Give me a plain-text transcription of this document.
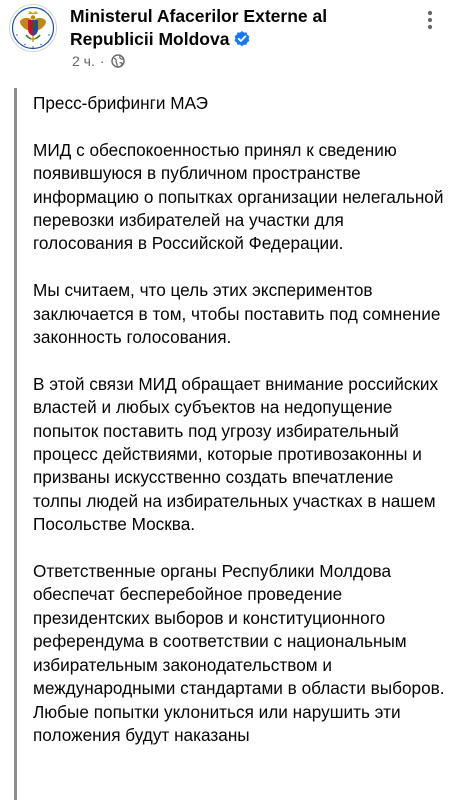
Ministerul Afacerilor Externe al Republicii Moldova
2 ч. ·

Пресс-брифинги МАЭ

МИД с обеспокоенностью принял к сведению появившуюся в публичном пространстве информацию о попытках организации нелегальной перевозки избирателей на участки для голосования в Российской Федерации.

Мы считаем, что цель этих экспериментов заключается в том, чтобы поставить под сомнение законность голосования.

В этой связи МИД обращает внимание российских властей и любых субъектов на недопущение попыток поставить под угрозу избирательный процесс действиями, которые противозаконны и призваны искусственно создать впечатление толпы людей на избирательных участках в нашем Посольстве Москва.

Ответственные органы Республики Молдова обеспечат бесперебойное проведение президентских выборов и конституционного референдума в соответствии с национальным избирательным законодательством и международными стандартами в области выборов. Любые попытки уклониться или нарушить эти положения будут наказаны
